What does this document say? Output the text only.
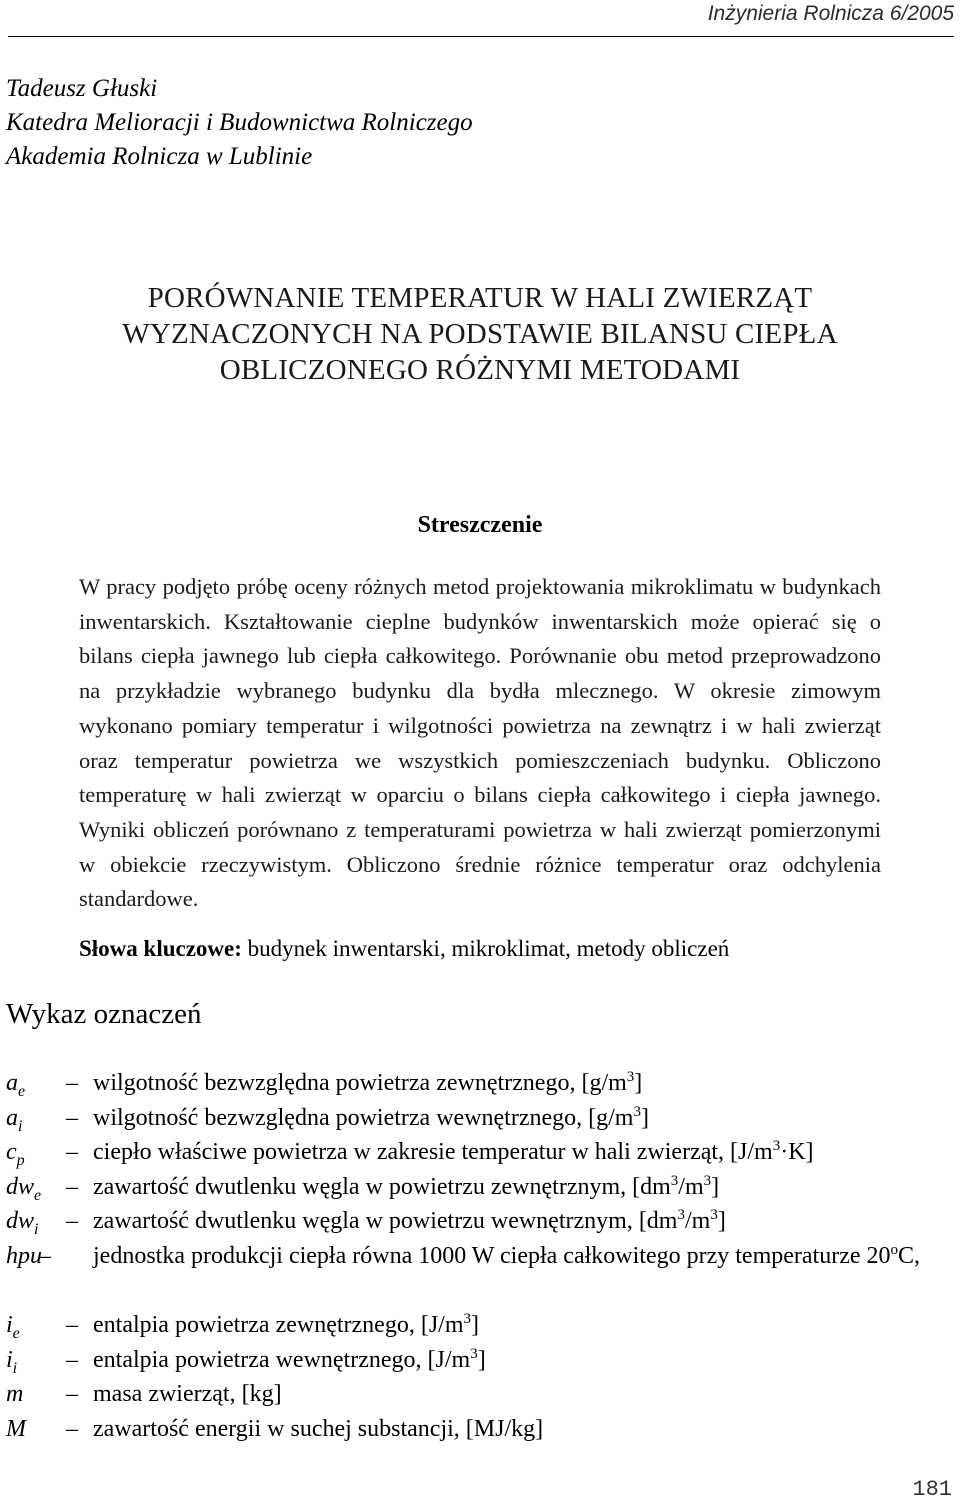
Inżynieria Rolnicza 6/2005
Tadeusz Głuski
Katedra Melioracji i Budownictwa Rolniczego
Akademia Rolnicza w Lublinie
PORÓWNANIE TEMPERATUR W HALI ZWIERZĄT
WYZNACZONYCH NA PODSTAWIE BILANSU CIEPŁA
OBLICZONEGO RÓŻNYMI METODAMI
Streszczenie
W pracy podjęto próbę oceny różnych metod projektowania mikroklimatu w budynkach inwentarskich. Kształtowanie cieplne budynków inwentarskich może opierać się o bilans ciepła jawnego lub ciepła całkowitego. Porównanie obu metod przeprowadzono na przykładzie wybranego budynku dla bydła mlecznego. W okresie zimowym wykonano pomiary temperatur i wilgotności powietrza na zewnątrz i w hali zwierząt oraz temperatur powietrza we wszystkich pomieszczeniach budynku. Obliczono temperaturę w hali zwierząt w oparciu o bilans ciepła całkowitego i ciepła jawnego. Wyniki obliczeń porównano z temperaturami powietrza w hali zwierząt pomierzonymi w obiekcie rzeczywistym. Obliczono średnie różnice temperatur oraz odchylenia standardowe.
Słowa kluczowe: budynek inwentarski, mikroklimat, metody obliczeń
Wykaz oznaczeń
$a_e$ – wilgotność bezwzględna powietrza zewnętrznego, $[g/m^3]$
$a_i$ – wilgotność bezwzględna powietrza wewnętrznego, $[g/m^3]$
$c_p$ – ciepło właściwe powietrza w zakresie temperatur w hali zwierząt, $[J/m^3\cdot K]$
$dw_e$ – zawartość dwutlenku węgla w powietrzu zewnętrznym, $[dm^3/m^3]$
$dw_i$ – zawartość dwutlenku węgla w powietrzu wewnętrznym, $[dm^3/m^3]$
hpu
– jednostka produkcji ciepła równa 1000 W ciepła całkowitego przy temperaturze 20$^o$C,
$i_e$ – entalpia powietrza zewnętrznego, $[J/m^3]$
$i_i$ – entalpia powietrza wewnętrznego, $[J/m^3]$
m – masa zwierząt, [kg]
M – zawartość energii w suchej substancji, [MJ/kg]
181
